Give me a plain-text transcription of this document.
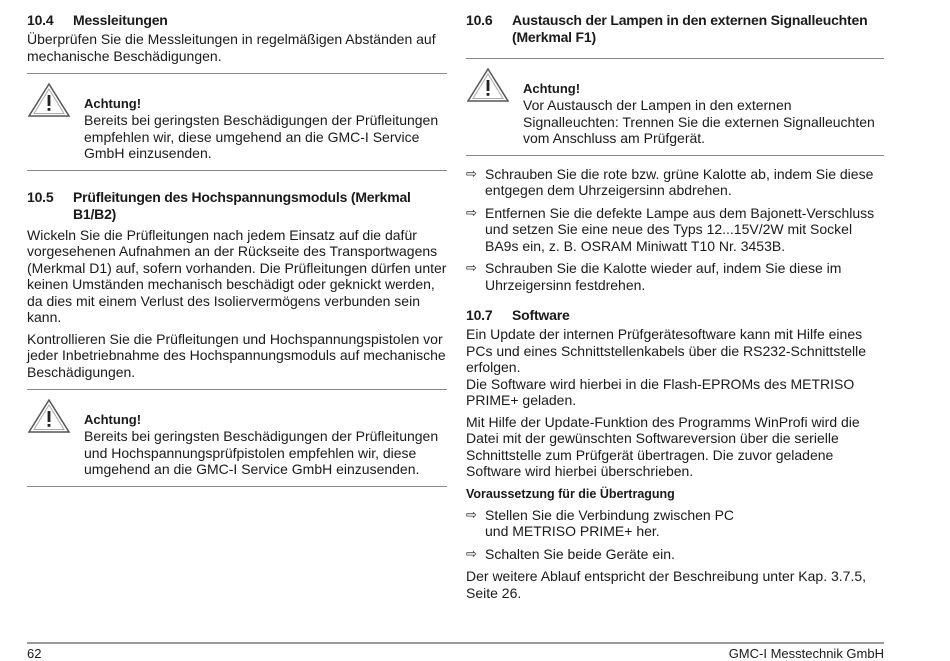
10.4	Messleitungen

Überprüfen Sie die Messleitungen in regelmäßigen Abständen auf mechanische Beschädigungen.

Achtung!

Bereits bei geringsten Beschädigungen der Prüfleitungen empfehlen wir, diese umgehend an die GMC-I Service GmbH einzusenden.

10.5	Prüfleitungen des Hochspannungsmoduls (Merkmal B1/B2)

Wickeln Sie die Prüfleitungen nach jedem Einsatz auf die dafür vorgesehenen Aufnahmen an der Rückseite des Transportwagens (Merkmal D1) auf, sofern vorhanden. Die Prüfleitungen dürfen unter keinen Umständen mechanisch beschädigt oder geknickt werden, da dies mit einem Verlust des Isoliervermögens verbunden sein kann.

Kontrollieren Sie die Prüfleitungen und Hochspannungspistolen vor jeder Inbetriebnahme des Hochspannungsmoduls auf mechanische Beschädigungen.

Achtung!

Bereits bei geringsten Beschädigungen der Prüfleitungen und Hochspannungsprüfpistolen empfehlen wir, diese umgehend an die GMC-I Service GmbH einzusenden.

10.6	Austausch der Lampen in den externen Signalleuchten (Merkmal F1)
Achtung!

Vor Austausch der Lampen in den externen Signalleuchten: Trennen Sie die externen Signalleuchten vom Anschluss am Prüfgerät.

⇨ Schrauben Sie die rote bzw. grüne Kalotte ab, indem Sie diese entgegen dem Uhrzeigersinn abdrehen.
⇨ Entfernen Sie die defekte Lampe aus dem Bajonett-Verschluss und setzen Sie eine neue des Typs 12...15V/2W mit Sockel BA9s ein, z. B. OSRAM Miniwatt T10 Nr. 3453B.
⇨ Schrauben Sie die Kalotte wieder auf, indem Sie diese im Uhrzeigersinn festdrehen.
10.7	Software

Ein Update der internen Prüfgerätesoftware kann mit Hilfe eines PCs und eines Schnittstellenkabels über die RS232-Schnittstelle erfolgen.

Die Software wird hierbei in die Flash-EPROMs des METRISO PRIME+ geladen.

Mit Hilfe der Update-Funktion des Programms WinProfi wird die Datei mit der gewünschten Softwareversion über die serielle Schnittstelle zum Prüfgerät übertragen. Die zuvor geladene Software wird hierbei überschrieben.

Voraussetzung für die Übertragung
⇨ Stellen Sie die Verbindung zwischen PC und METRISO PRIME+ her.
⇨ Schalten Sie beide Geräte ein.

Der weitere Ablauf entspricht der Beschreibung unter Kap. 3.7.5, Seite 26.

62	GMC-I Messtechnik GmbH
